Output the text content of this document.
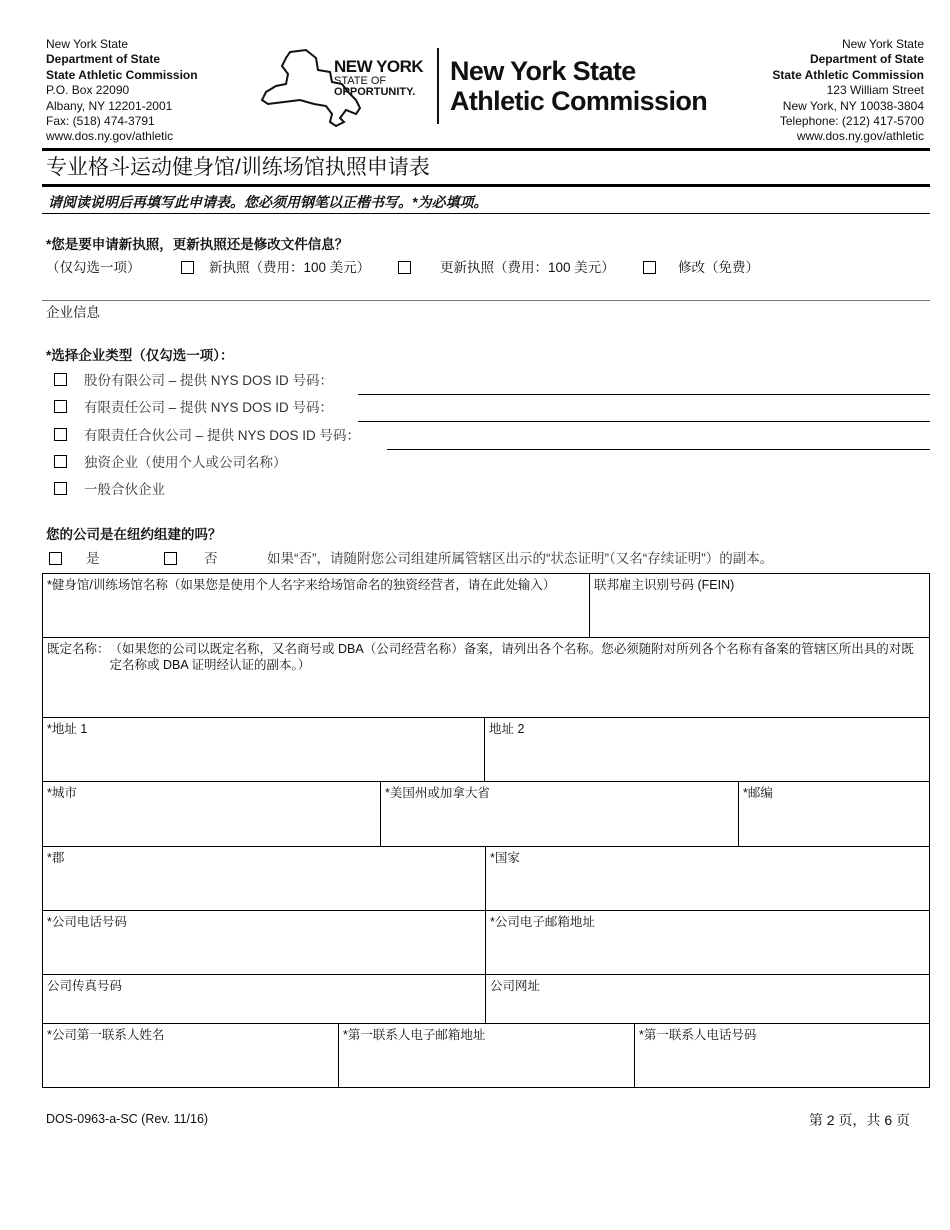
New York State
Department of State
State Athletic Commission
P.O. Box 22090
Albany, NY 12201-2001
Fax: (518) 474-3791
www.dos.ny.gov/athletic
NEW YORK
STATE OF
OPPORTUNITY.
New York State
Athletic Commission
New York State
Department of State
State Athletic Commission
123 William Street
New York, NY 10038-3804
Telephone: (212) 417-5700
www.dos.ny.gov/athletic
专业格斗运动健身馆/训练场馆执照申请表
请阅读说明后再填写此申请表。您必须用钢笔以正楷书写。*为必填项。
*您是要申请新执照，更新执照还是修改文件信息？
（仅勾选一项）	新执照（费用：100 美元）	更新执照（费用：100 美元）	修改（免费）
企业信息
*选择企业类型（仅勾选一项）：
股份有限公司 – 提供 NYS DOS ID 号码：
有限责任公司 – 提供 NYS DOS ID 号码：
有限责任合伙公司 – 提供 NYS DOS ID 号码：
独资企业（使用个人或公司名称）
一般合伙企业
您的公司是在纽约组建的吗？
是	否	如果“否”，请随附您公司组建所属管辖区出示的“状态证明”（又名“存续证明”）的副本。
*健身馆/训练场馆名称（如果您是使用个人名字来给场馆命名的独资经营者，请在此处输入）	联邦雇主识别号码 (FEIN)
既定名称： （如果您的公司以既定名称，又名商号或 DBA（公司经营名称）备案，请列出各个名称。您必须随附对所列各个名称有备案的管辖区所出具的对既定名称或 DBA 证明经认证的副本。）
*地址 1	地址 2
*城市	*美国州或加拿大省	*邮编
*郡	*国家
*公司电话号码	*公司电子邮箱地址
公司传真号码	公司网址
*公司第一联系人姓名	*第一联系人电子邮箱地址	*第一联系人电话号码
DOS-0963-a-SC (Rev. 11/16)	第 2 页，共 6 页
